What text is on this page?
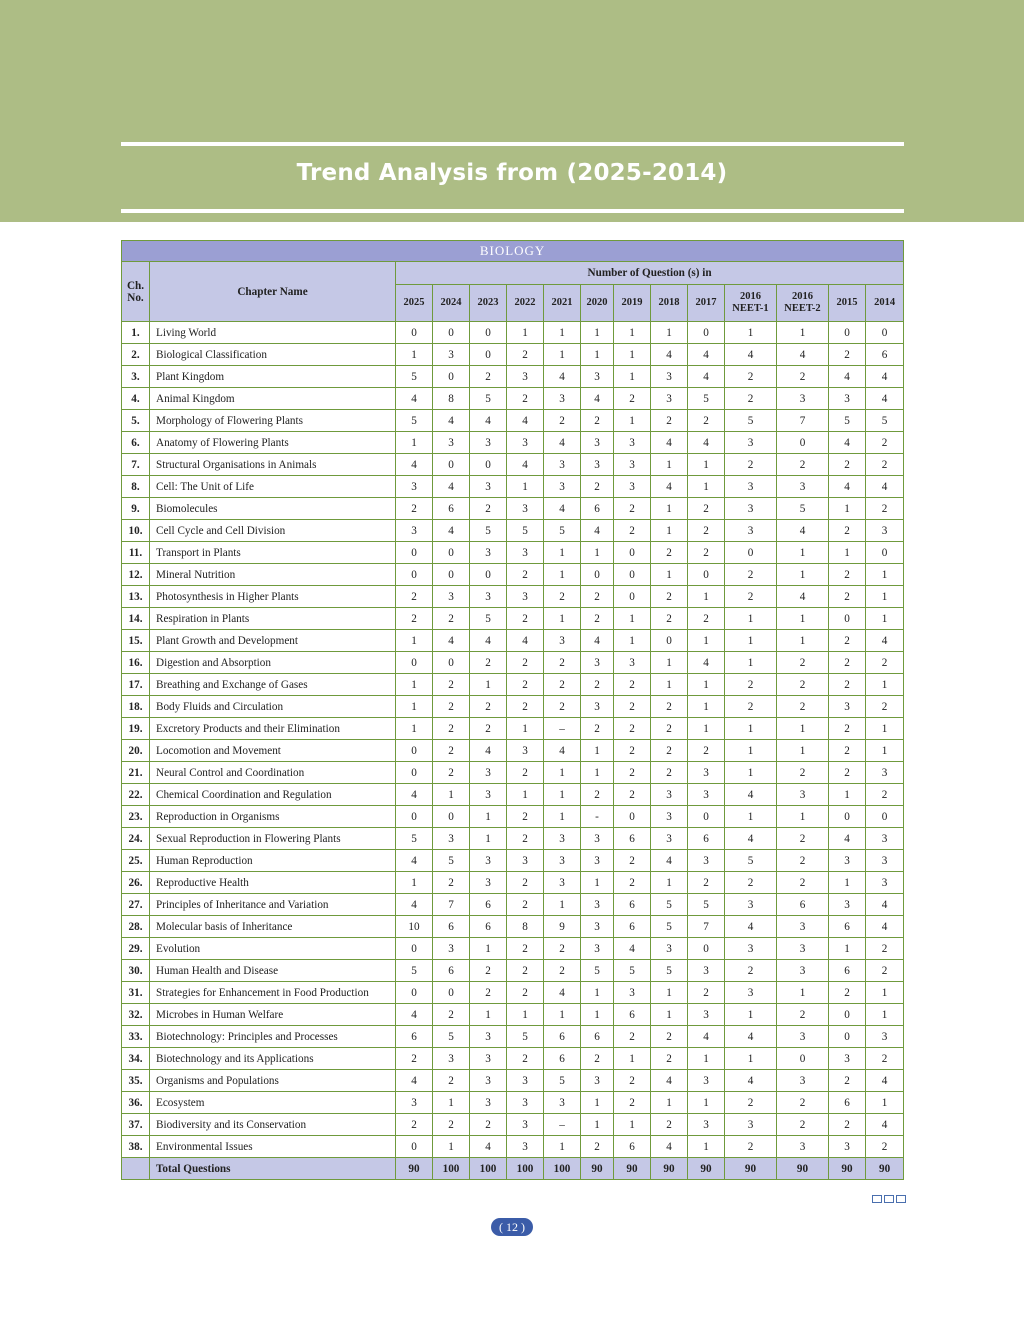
Trend Analysis from (2025-2014)
BIOLOGY														
Ch. No.	Chapter Name	Number of Question (s) in												
		2025	2024	2023	2022	2021	2020	2019	2018	2017	2016 NEET-1	2016 NEET-2	2015	2014
1.	Living World	0	0	0	1	1	1	1	1	0	1	1	0	0
2.	Biological Classification	1	3	0	2	1	1	1	4	4	4	4	2	6
3.	Plant Kingdom	5	0	2	3	4	3	1	3	4	2	2	4	4
4.	Animal Kingdom	4	8	5	2	3	4	2	3	5	2	3	3	4
5.	Morphology of Flowering Plants	5	4	4	4	2	2	1	2	2	5	7	5	5
6.	Anatomy of Flowering Plants	1	3	3	3	4	3	3	4	4	3	0	4	2
7.	Structural Organisations in Animals	4	0	0	4	3	3	3	1	1	2	2	2	2
8.	Cell: The Unit of Life	3	4	3	1	3	2	3	4	1	3	3	4	4
9.	Biomolecules	2	6	2	3	4	6	2	1	2	3	5	1	2
10.	Cell Cycle and Cell Division	3	4	5	5	5	4	2	1	2	3	4	2	3
11.	Transport in Plants	0	0	3	3	1	1	0	2	2	0	1	1	0
12.	Mineral Nutrition	0	0	0	2	1	0	0	1	0	2	1	2	1
13.	Photosynthesis in Higher Plants	2	3	3	3	2	2	0	2	1	2	4	2	1
14.	Respiration in Plants	2	2	5	2	1	2	1	2	2	1	1	0	1
15.	Plant Growth and Development	1	4	4	4	3	4	1	0	1	1	1	2	4
16.	Digestion and Absorption	0	0	2	2	2	3	3	1	4	1	2	2	2
17.	Breathing and Exchange of Gases	1	2	1	2	2	2	2	1	1	2	2	2	1
18.	Body Fluids and Circulation	1	2	2	2	2	3	2	2	1	2	2	3	2
19.	Excretory Products and their Elimination	1	2	2	1	–	2	2	2	1	1	1	2	1
20.	Locomotion and Movement	0	2	4	3	4	1	2	2	2	1	1	2	1
21.	Neural Control and Coordination	0	2	3	2	1	1	2	2	3	1	2	2	3
22.	Chemical Coordination and Regulation	4	1	3	1	1	2	2	3	3	4	3	1	2
23.	Reproduction in Organisms	0	0	1	2	1	-	0	3	0	1	1	0	0
24.	Sexual Reproduction in Flowering Plants	5	3	1	2	3	3	6	3	6	4	2	4	3
25.	Human Reproduction	4	5	3	3	3	3	2	4	3	5	2	3	3
26.	Reproductive Health	1	2	3	2	3	1	2	1	2	2	2	1	3
27.	Principles of Inheritance and Variation	4	7	6	2	1	3	6	5	5	3	6	3	4
28.	Molecular basis of Inheritance	10	6	6	8	9	3	6	5	7	4	3	6	4
29.	Evolution	0	3	1	2	2	3	4	3	0	3	3	1	2
30.	Human Health and Disease	5	6	2	2	2	5	5	5	3	2	3	6	2
31.	Strategies for Enhancement in Food Production	0	0	2	2	4	1	3	1	2	3	1	2	1
32.	Microbes in Human Welfare	4	2	1	1	1	1	6	1	3	1	2	0	1
33.	Biotechnology: Principles and Processes	6	5	3	5	6	6	2	2	4	4	3	0	3
34.	Biotechnology and its Applications	2	3	3	2	6	2	1	2	1	1	0	3	2
35.	Organisms and Populations	4	2	3	3	5	3	2	4	3	4	3	2	4
36.	Ecosystem	3	1	3	3	3	1	2	1	1	2	2	6	1
37.	Biodiversity and its Conservation	2	2	2	3	–	1	1	2	3	3	2	2	4
38.	Environmental Issues	0	1	4	3	1	2	6	4	1	2	3	3	2
	Total Questions	90	100	100	100	100	90	90	90	90	90	90	90	90
( 12 )
